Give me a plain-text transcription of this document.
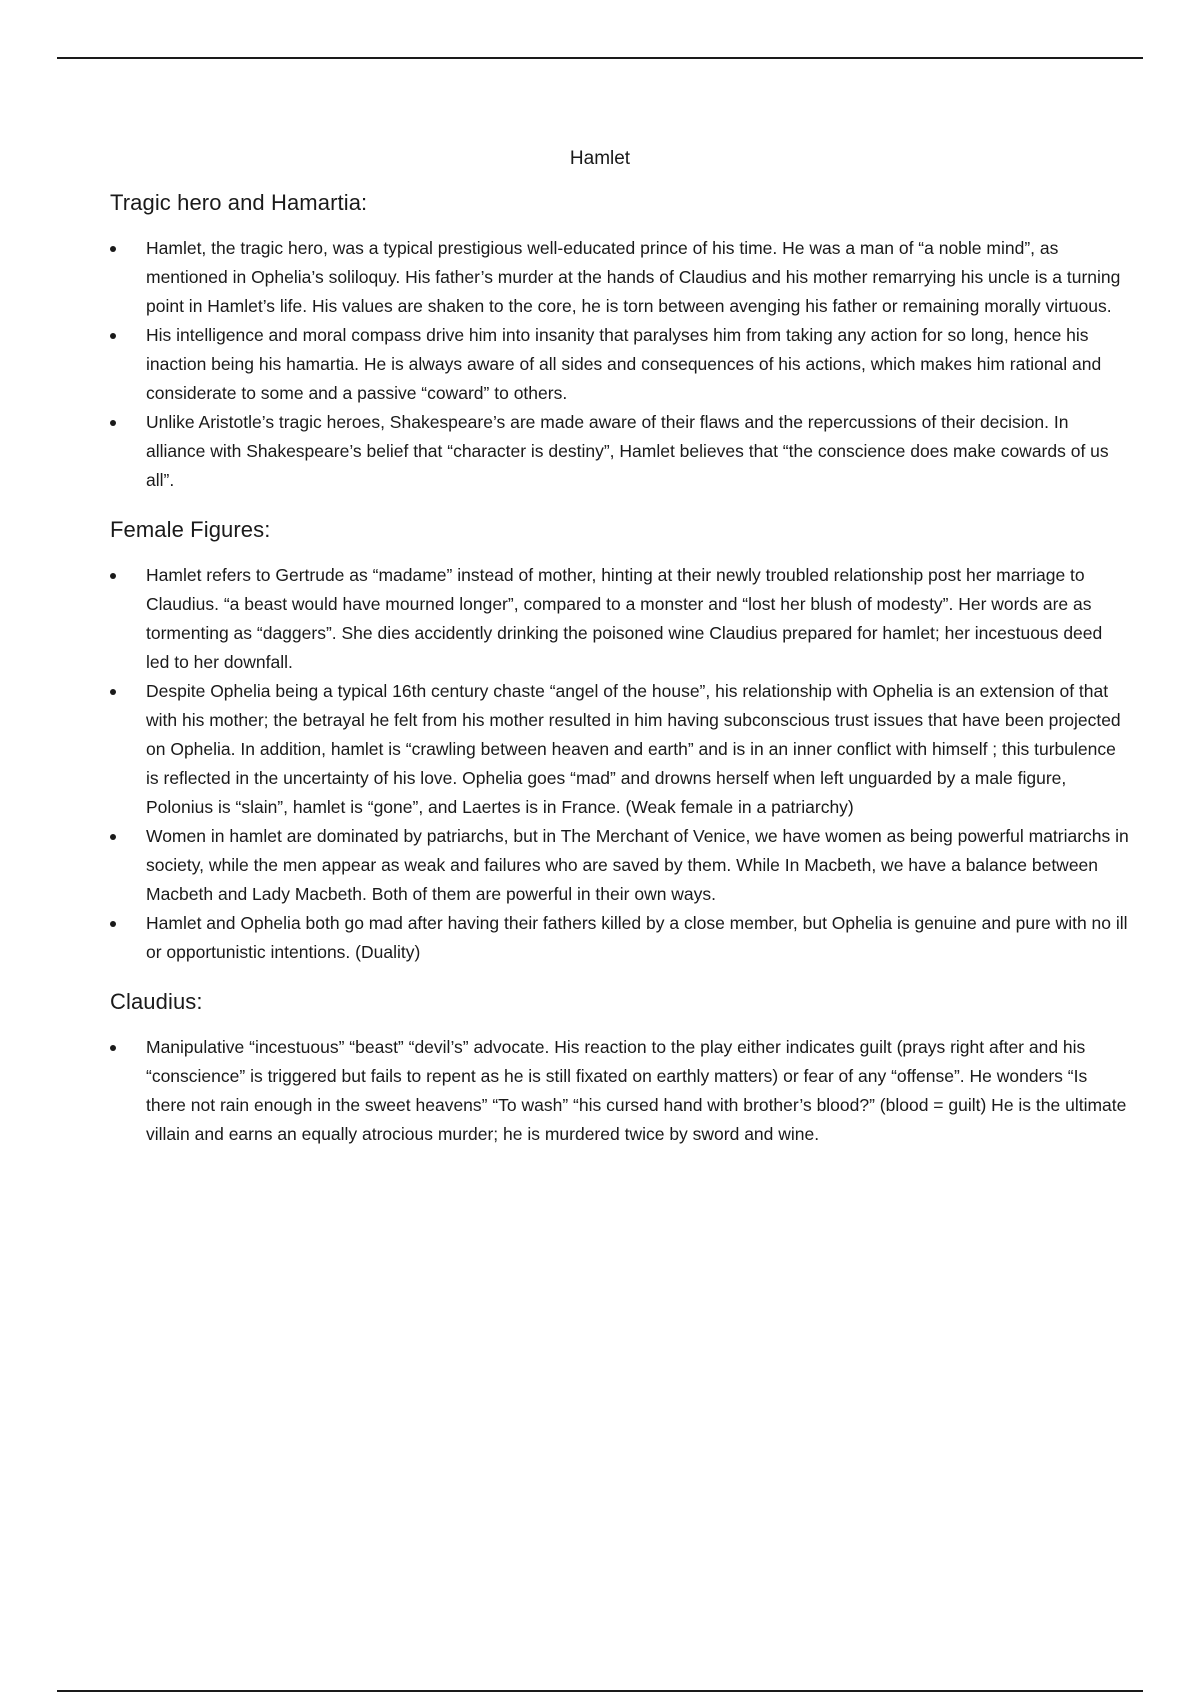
Hamlet
Tragic hero and Hamartia:
Hamlet, the tragic hero, was a typical prestigious well-educated prince of his time. He was a man of “a noble mind”, as mentioned in Ophelia’s soliloquy. His father’s murder at the hands of Claudius and his mother remarrying his uncle is a turning point in Hamlet’s life. His values are shaken to the core, he is torn between avenging his father or remaining morally virtuous.
His intelligence and moral compass drive him into insanity that paralyses him from taking any action for so long, hence his inaction being his hamartia. He is always aware of all sides and consequences of his actions, which makes him rational and considerate to some and a passive “coward” to others.
Unlike Aristotle’s tragic heroes, Shakespeare’s are made aware of their flaws and the repercussions of their decision. In alliance with Shakespeare’s belief that “character is destiny”, Hamlet believes that “the conscience does make cowards of us all”.
Female Figures:
Hamlet refers to Gertrude as “madame” instead of mother, hinting at their newly troubled relationship post her marriage to Claudius. “a beast would have mourned longer”, compared to a monster and “lost her blush of modesty”. Her words are as tormenting as “daggers”. She dies accidently drinking the poisoned wine Claudius prepared for hamlet; her incestuous deed led to her downfall.
Despite Ophelia being a typical 16th century chaste “angel of the house”, his relationship with Ophelia is an extension of that with his mother; the betrayal he felt from his mother resulted in him having subconscious trust issues that have been projected on Ophelia. In addition, hamlet is “crawling between heaven and earth” and is in an inner conflict with himself ; this turbulence is reflected in the uncertainty of his love. Ophelia goes “mad” and drowns herself when left unguarded by a male figure, Polonius is “slain”, hamlet is “gone”, and Laertes is in France. (Weak female in a patriarchy)
Women in hamlet are dominated by patriarchs, but in The Merchant of Venice, we have women as being powerful matriarchs in society, while the men appear as weak and failures who are saved by them. While In Macbeth, we have a balance between Macbeth and Lady Macbeth. Both of them are powerful in their own ways.
Hamlet and Ophelia both go mad after having their fathers killed by a close member, but Ophelia is genuine and pure with no ill or opportunistic intentions. (Duality)
Claudius:
Manipulative “incestuous” “beast” “devil’s” advocate. His reaction to the play either indicates guilt (prays right after and his “conscience” is triggered but fails to repent as he is still fixated on earthly matters) or fear of any “offense”. He wonders “Is there not rain enough in the sweet heavens” “To wash” “his cursed hand with brother’s blood?” (blood = guilt) He is the ultimate villain and earns an equally atrocious murder; he is murdered twice by sword and wine.
